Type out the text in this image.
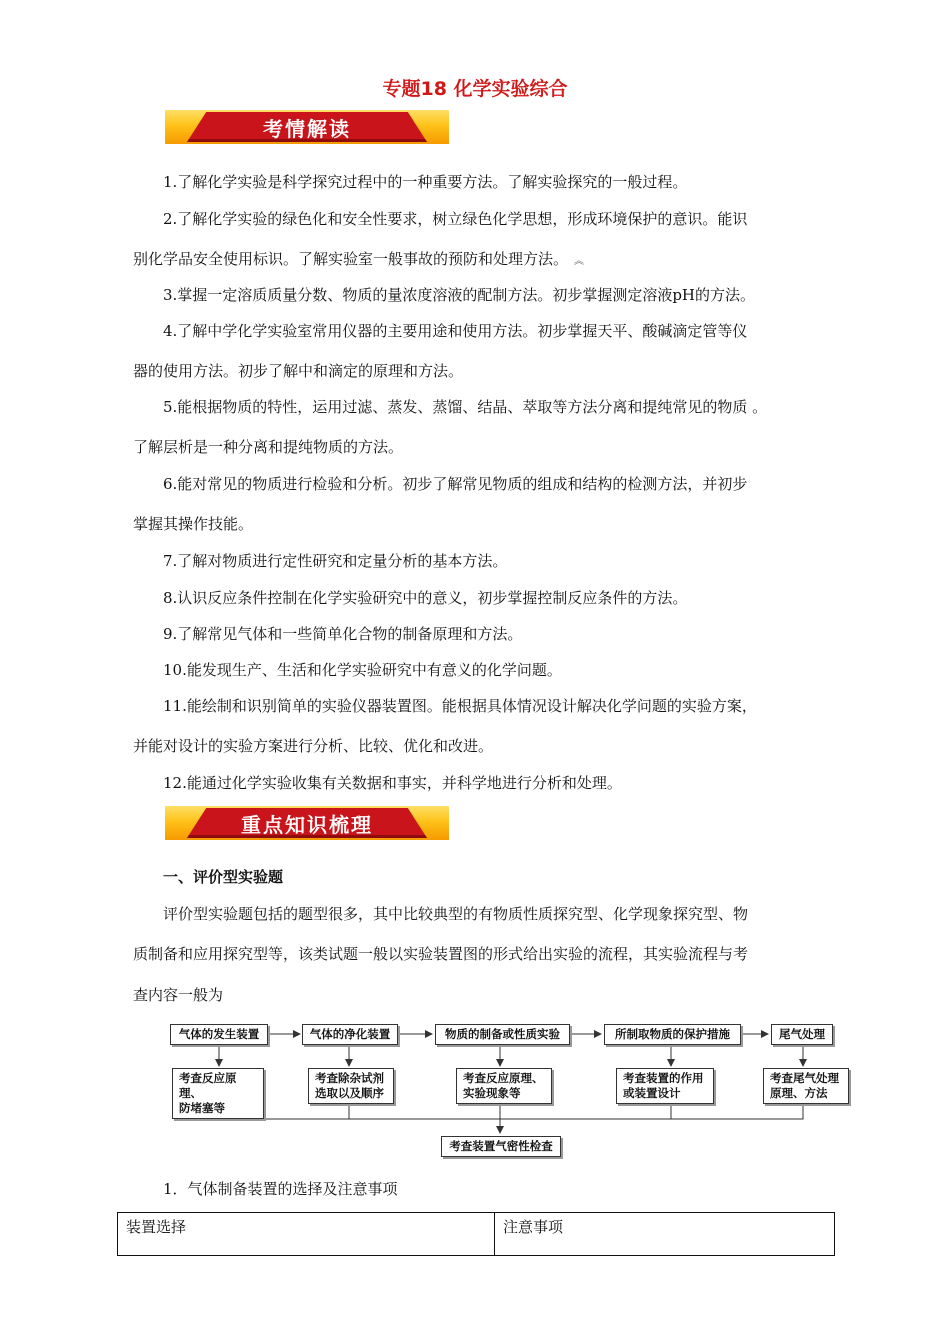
专题18 化学实验综合
考情解读
1.了解化学实验是科学探究过程中的一种重要方法。了解实验探究的一般过程。
2.了解化学实验的绿色化和安全性要求，树立绿色化学思想，形成环境保护的意识。能识
别化学品安全使用标识。了解实验室一般事故的预防和处理方法。 ︽
3.掌握一定溶质质量分数、物质的量浓度溶液的配制方法。初步掌握测定溶液pH的方法。
4.了解中学化学实验室常用仪器的主要用途和使用方法。初步掌握天平、酸碱滴定管等仪
器的使用方法。初步了解中和滴定的原理和方法。
5.能根据物质的特性，运用过滤、蒸发、蒸馏、结晶、萃取等方法分离和提纯常见的物质 。
了解层析是一种分离和提纯物质的方法。
6.能对常见的物质进行检验和分析。初步了解常见物质的组成和结构的检测方法，并初步
掌握其操作技能。
7.了解对物质进行定性研究和定量分析的基本方法。
8.认识反应条件控制在化学实验研究中的意义，初步掌握控制反应条件的方法。
9.了解常见气体和一些简单化合物的制备原理和方法。
10.能发现生产、生活和化学实验研究中有意义的化学问题。
11.能绘制和识别简单的实验仪器装置图。能根据具体情况设计解决化学问题的实验方案，
并能对设计的实验方案进行分析、比较、优化和改进。
12.能通过化学实验收集有关数据和事实，并科学地进行分析和处理。
重点知识梳理
一、评价型实验题
评价型实验题包括的题型很多，其中比较典型的有物质性质探究型、化学现象探究型、物
质制备和应用探究型等，该类试题一般以实验装置图的形式给出实验的流程，其实验流程与考
查内容一般为
气体的发生装置	气体的净化装置	物质的制备或性质实验	所制取物质的保护措施	尾气处理
考查反应原理、
防堵塞等
考查除杂试剂
选取以及顺序
考查反应原理、
实验现象等
考查装置的作用
或装置设计
考查尾气处理
原理、方法
考查装置气密性检查
1．气体制备装置的选择及注意事项
装置选择	注意事项
